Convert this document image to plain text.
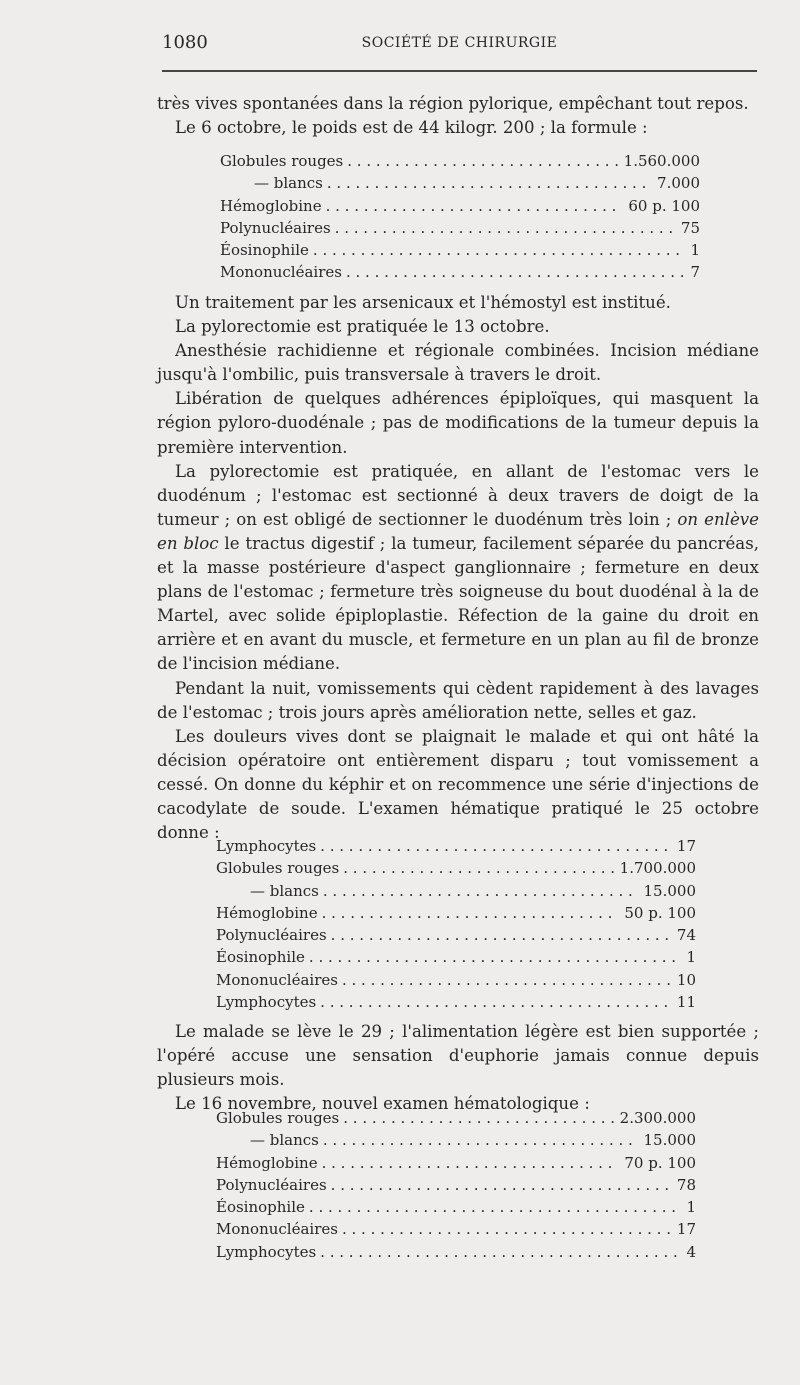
1080	SOCIÉTÉ DE CHIRURGIE

très vives spontanées dans la région pylorique, empêchant tout repos.

Le 6 octobre, le poids est de 44 kilogr. 200 ; la formule :

Globules rouges . . .	1.560.000
— blancs . . .	7.000
Hémoglobine . . .	60 p. 100
Polynucléaires . . .	75
Éosinophile . . .	1
Mononucléaires . . .	7

Un traitement par les arsenicaux et l'hémostyl est institué.

La pylorectomie est pratiquée le 13 octobre.

Anesthésie rachidienne et régionale combinées. Incision médiane jusqu'à l'ombilic, puis transversale à travers le droit.

Libération de quelques adhérences épiploïques, qui masquent la région pyloro-duodénale ; pas de modifications de la tumeur depuis la première intervention.

La pylorectomie est pratiquée, en allant de l'estomac vers le duodénum ; l'estomac est sectionné à deux travers de doigt de la tumeur ; on est obligé de sectionner le duodénum très loin ; on enlève en bloc le tractus digestif ; la tumeur, facilement séparée du pancréas, et la masse postérieure d'aspect ganglionnaire ; fermeture en deux plans de l'estomac ; fermeture très soigneuse du bout duodénal à la de Martel, avec solide épiploplastie. Réfection de la gaine du droit en arrière et en avant du muscle, et fermeture en un plan au fil de bronze de l'incision médiane.

Pendant la nuit, vomissements qui cèdent rapidement à des lavages de l'estomac ; trois jours après amélioration nette, selles et gaz.

Les douleurs vives dont se plaignait le malade et qui ont hâté la décision opératoire ont entièrement disparu ; tout vomissement a cessé. On donne du képhir et on recommence une série d'injections de cacodylate de soude. L'examen hématique pratiqué le 25 octobre donne :

Lymphocytes . . .	17
Globules rouges . . .	1.700.000
— blancs . . .	15.000
Hémoglobine . . .	50 p. 100
Polynucléaires . . .	74
Éosinophile . . .	1
Mononucléaires . . .	10
Lymphocytes . . .	11

Le malade se lève le 29 ; l'alimentation légère est bien supportée ; l'opéré accuse une sensation d'euphorie jamais connue depuis plusieurs mois.

Le 16 novembre, nouvel examen hématologique :

Globules rouges . . .	2.300.000
— blancs . . .	15.000
Hémoglobine . . .	70 p. 100
Polynucléaires . . .	78
Éosinophile . . .	1
Mononucléaires . . .	17
Lymphocytes . . .	4
